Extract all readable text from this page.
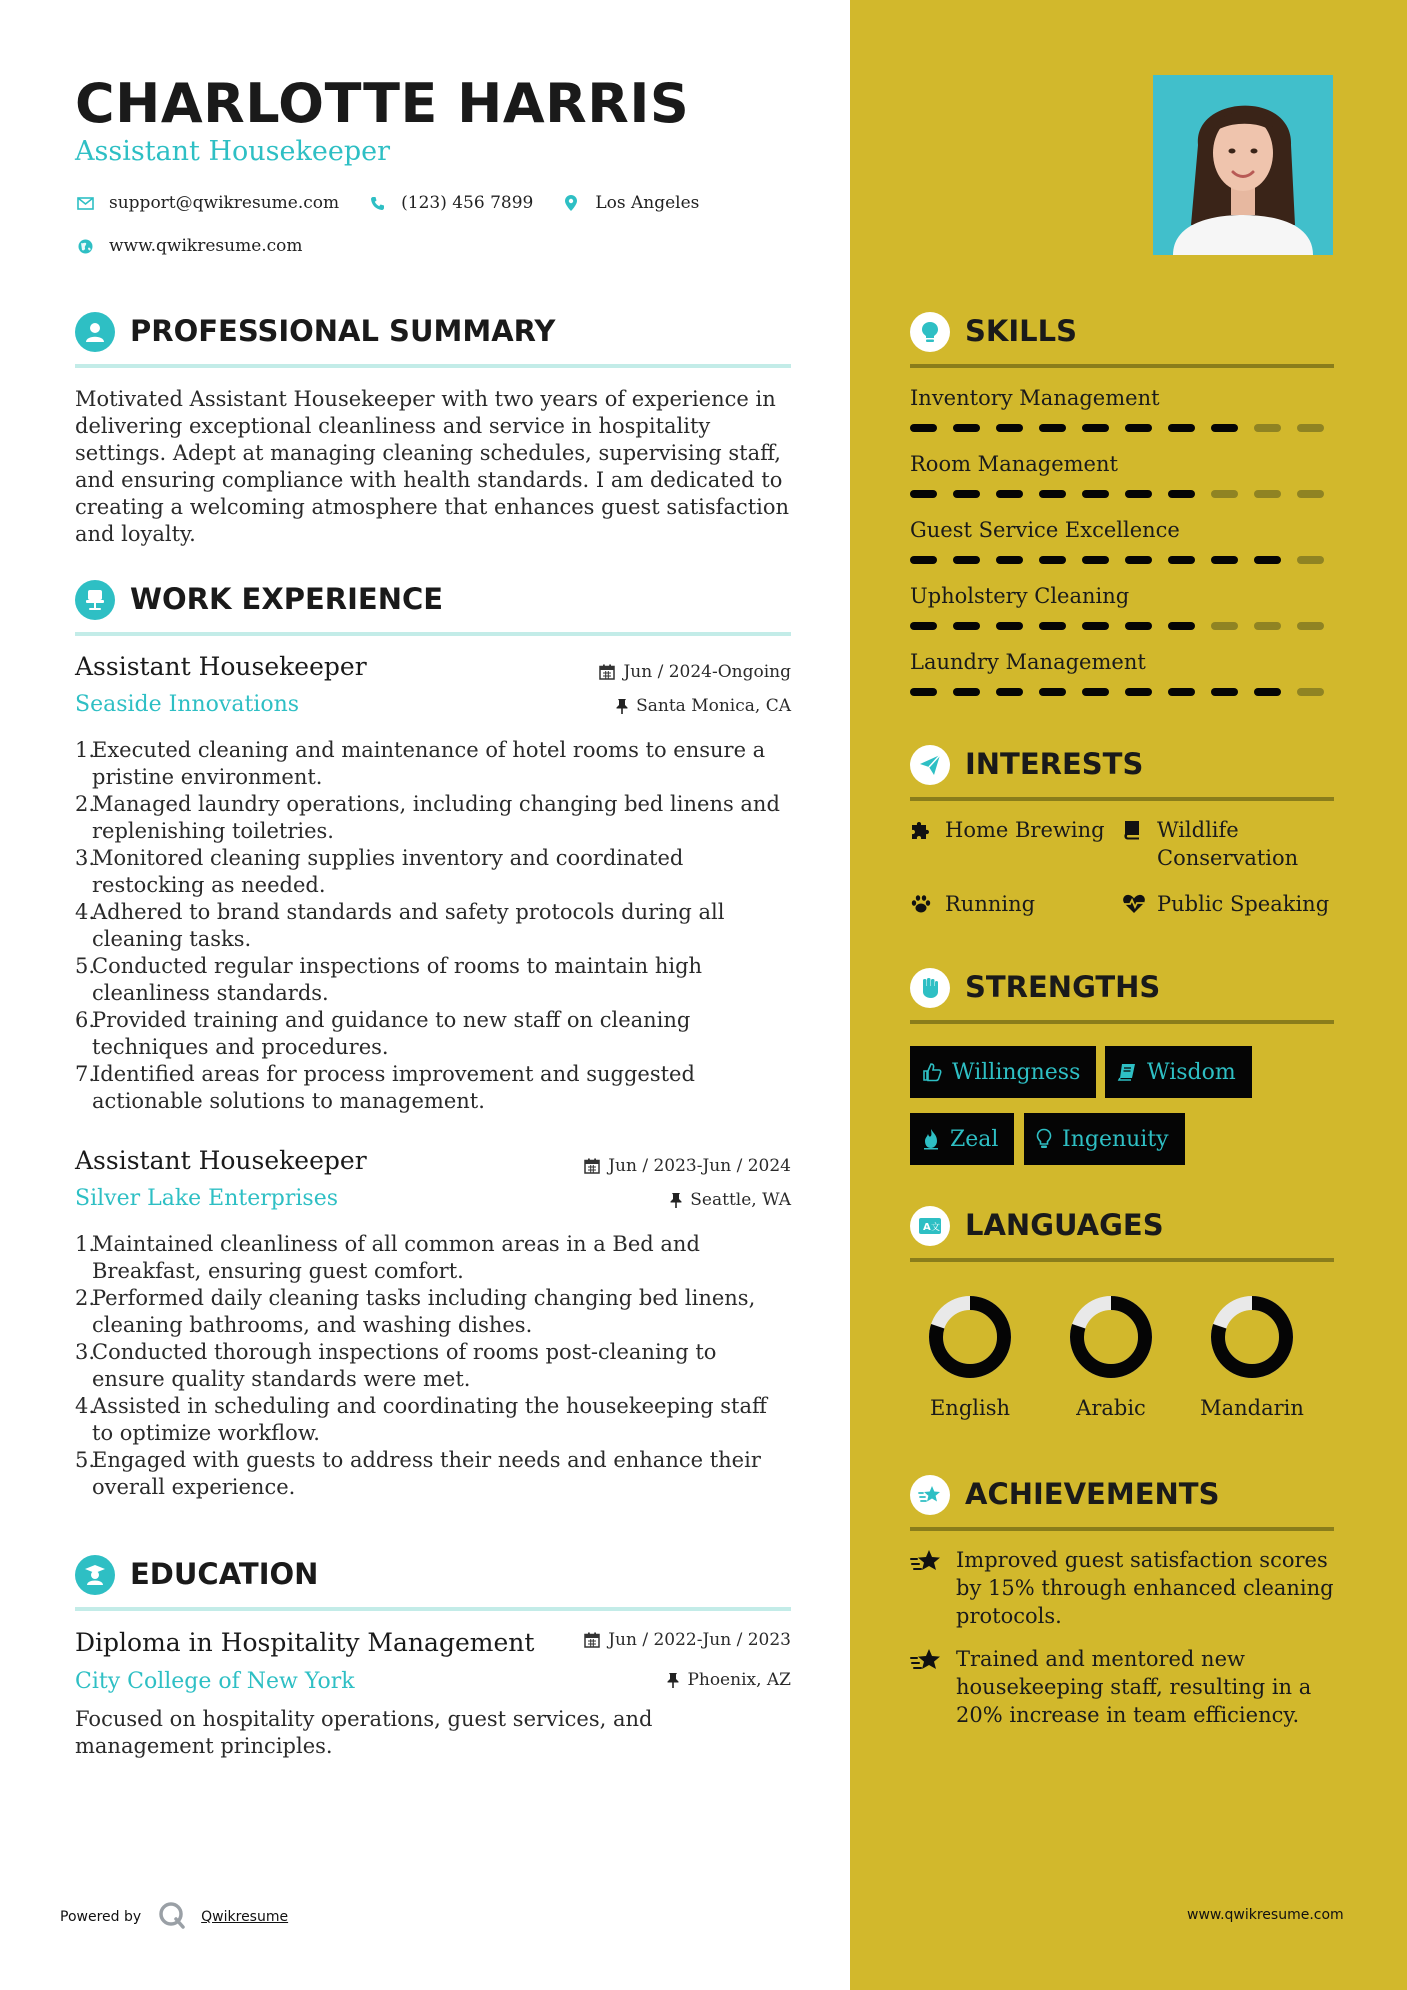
CHARLOTTE HARRIS
Assistant Housekeeper
support@qwikresume.com	(123) 456 7899	Los Angeles
www.qwikresume.com
PROFESSIONAL SUMMARY
Motivated Assistant Housekeeper with two years of experience in delivering exceptional cleanliness and service in hospitality settings. Adept at managing cleaning schedules, supervising staff, and ensuring compliance with health standards. I am dedicated to creating a welcoming atmosphere that enhances guest satisfaction and loyalty.
WORK EXPERIENCE
Assistant Housekeeper	Jun / 2024-Ongoing
Seaside Innovations	Santa Monica, CA
1.
Executed cleaning and maintenance of hotel rooms to ensure a pristine environment.
2.
Managed laundry operations, including changing bed linens and replenishing toiletries.
3.
Monitored cleaning supplies inventory and coordinated restocking as needed.
4.
Adhered to brand standards and safety protocols during all cleaning tasks.
5.
Conducted regular inspections of rooms to maintain high cleanliness standards.
6.
Provided training and guidance to new staff on cleaning techniques and procedures.
7.
Identified areas for process improvement and suggested actionable solutions to management.
Assistant Housekeeper	Jun / 2023-Jun / 2024
Silver Lake Enterprises	Seattle, WA
1.
Maintained cleanliness of all common areas in a Bed and Breakfast, ensuring guest comfort.
2.
Performed daily cleaning tasks including changing bed linens, cleaning bathrooms, and washing dishes.
3.
Conducted thorough inspections of rooms post-cleaning to ensure quality standards were met.
4.
Assisted in scheduling and coordinating the housekeeping staff to optimize workflow.
5.
Engaged with guests to address their needs and enhance their overall experience.
EDUCATION
Diploma in Hospitality Management	Jun / 2022-Jun / 2023
City College of New York	Phoenix, AZ
Focused on hospitality operations, guest services, and management principles.
SKILLS
Inventory Management
Room Management
Guest Service Excellence
Upholstery Cleaning
Laundry Management
INTERESTS
Home Brewing Wildlife Conservation
Running	Public Speaking
STRENGTHS
Willingness	Wisdom
Zeal	Ingenuity
A 文 LANGUAGES
English	Arabic	Mandarin
ACHIEVEMENTS
Improved guest satisfaction scores by 15% through enhanced cleaning protocols.
Trained and mentored new housekeeping staff, resulting in a 20% increase in team efficiency.
Powered by	Qwikresume	www.qwikresume.com
